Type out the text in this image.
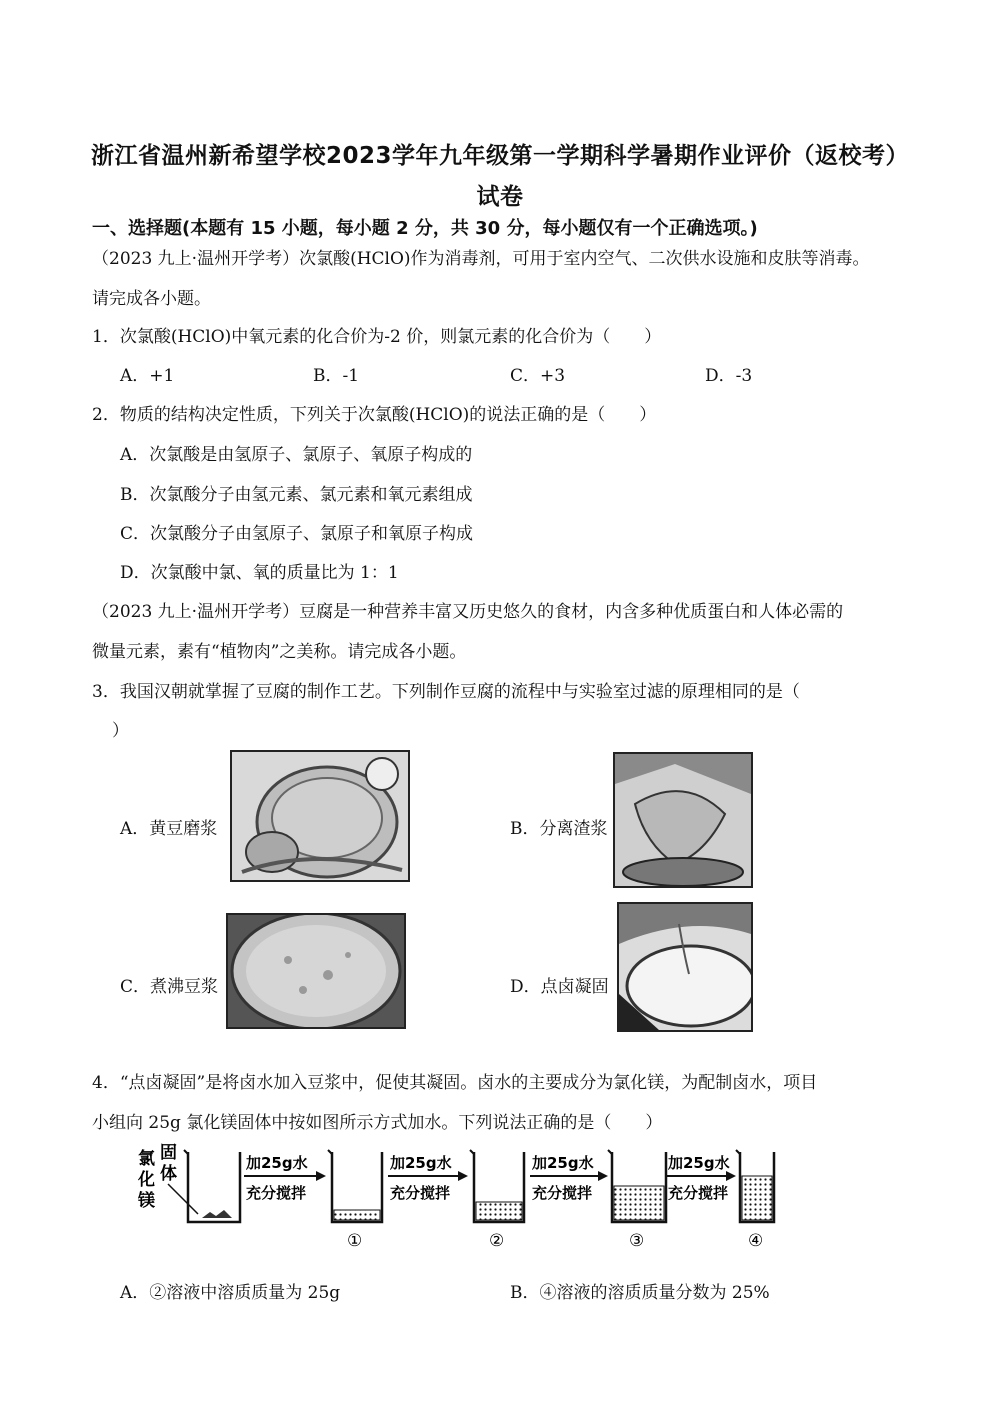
浙江省温州新希望学校2023学年九年级第一学期科学暑期作业评价（返校考）
试卷
一、选择题(本题有 15 小题，每小题 2 分，共 30 分，每小题仅有一个正确选项。)
（2023 九上·温州开学考）次氯酸(HClO)作为消毒剂，可用于室内空气、二次供水设施和皮肤等消毒。
请完成各小题。
1．次氯酸(HClO)中氧元素的化合价为-2 价，则氯元素的化合价为（　　）
A．+1	B．-1	C．+3	D．-3
2．物质的结构决定性质，下列关于次氯酸(HClO)的说法正确的是（　　）
A．次氯酸是由氢原子、氯原子、氧原子构成的
B．次氯酸分子由氢元素、氯元素和氧元素组成
C．次氯酸分子由氢原子、氯原子和氧原子构成
D．次氯酸中氯、氧的质量比为 1：1
（2023 九上·温州开学考）豆腐是一种营养丰富又历史悠久的食材，内含多种优质蛋白和人体必需的
微量元素，素有“植物肉”之美称。请完成各小题。
3．我国汉朝就掌握了豆腐的制作工艺。下列制作豆腐的流程中与实验室过滤的原理相同的是（
）
A．黄豆磨浆	B．分离渣浆
C．煮沸豆浆	D．点卤凝固
4．“点卤凝固”是将卤水加入豆浆中，促使其凝固。卤水的主要成分为氯化镁，为配制卤水，项目
小组向 25g 氯化镁固体中按如图所示方式加水。下列说法正确的是（　　）
氯
化
镁
固
体
加25g水
充分搅拌
①
加25g水
充分搅拌
②
加25g水
充分搅拌
③
加25g水
充分搅拌
④
A．②溶液中溶质质量为 25g	B．④溶液的溶质质量分数为 25%
